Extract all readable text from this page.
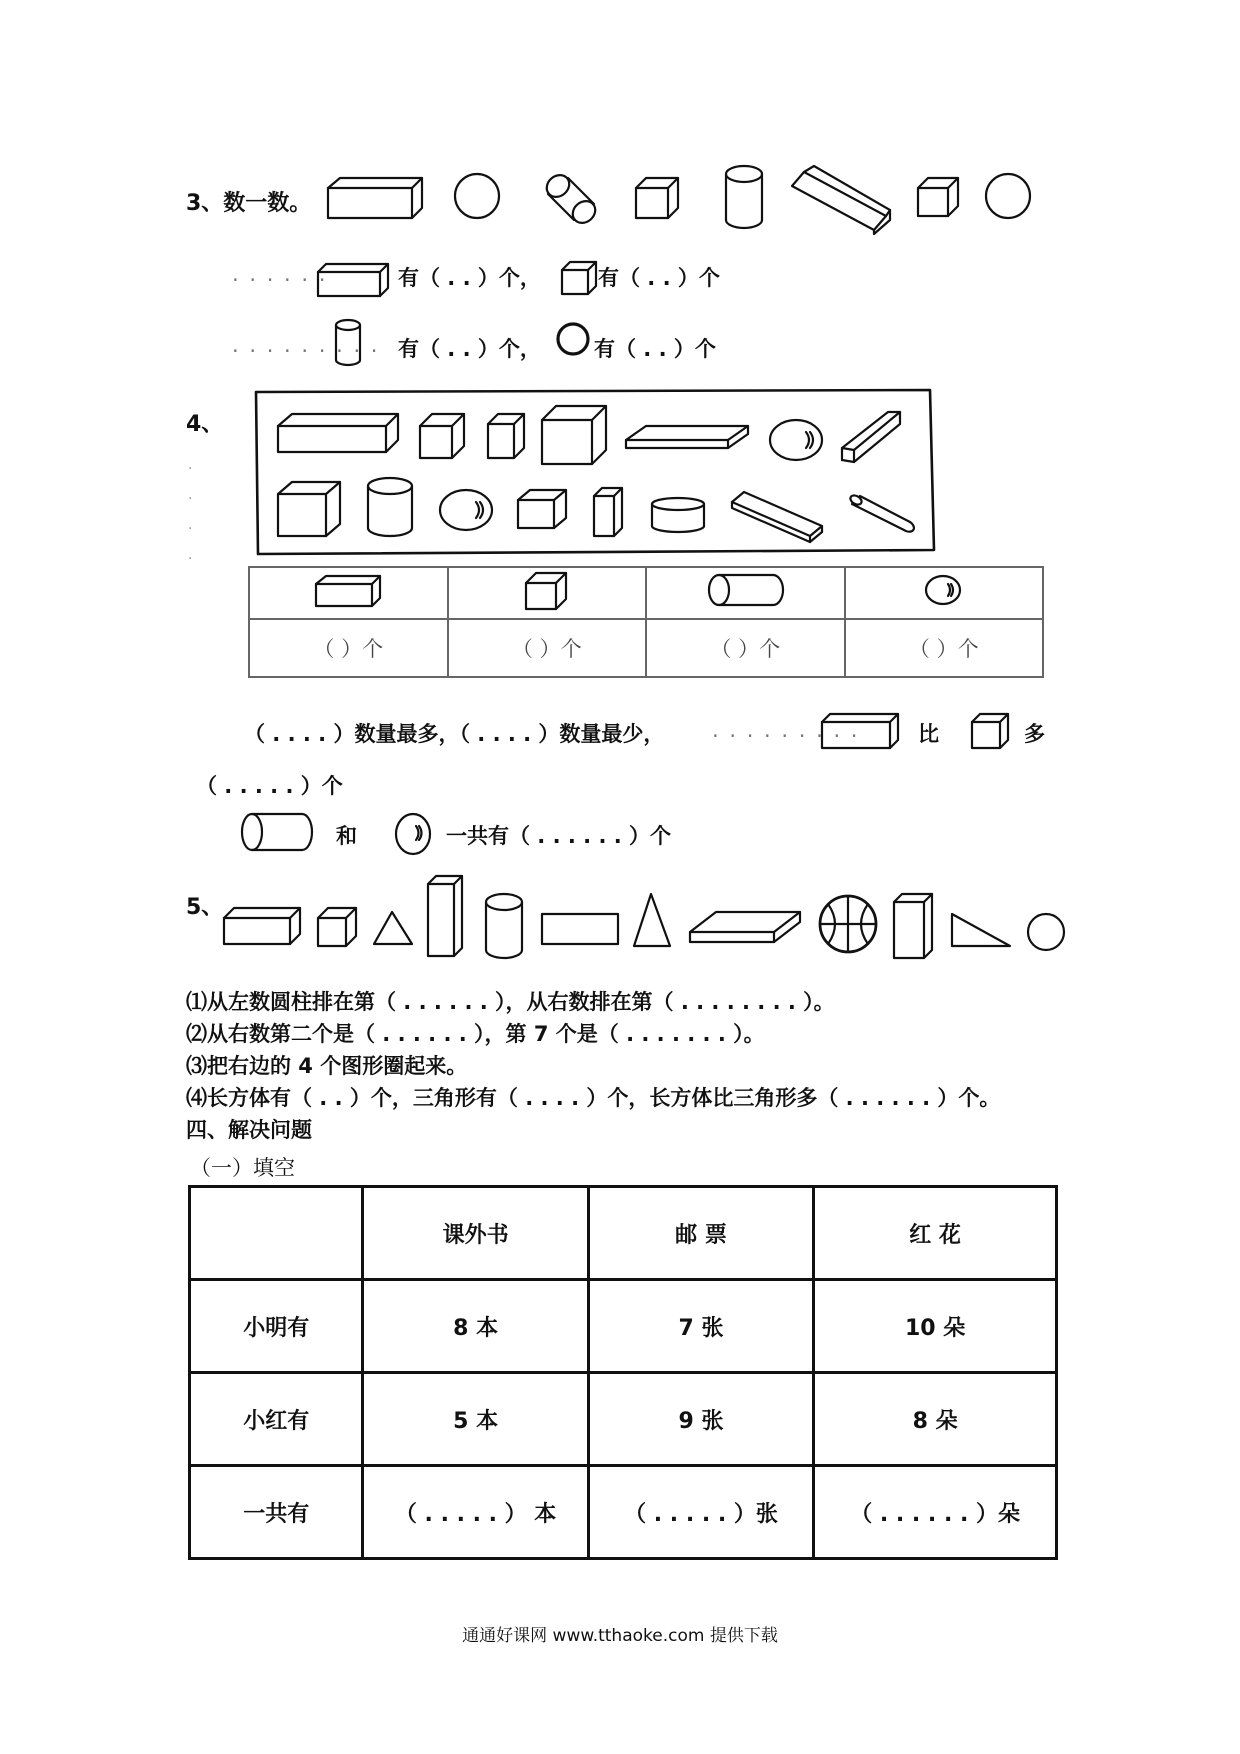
3、数一数。
. . . . . .	有（ . . ）个，	有（ . . ）个
. . . . . . . . . 有（ . . ）个，	有（ . . ）个
4、
.
.
.
.

（ ）个	（ ）个	（ ）个	（ ）个
（ . . . . ）数量最多，（ . . . . ）数量最少， . . . . . . . . .	比	多
（ . . . . . ）个
和	一共有（ . . . . . . ）个
5、
⑴从左数圆柱排在第（ . . . . . . ），从右数排在第（ . . . . . . . . ）。
⑵从右数第二个是（ . . . . . . ），第 7 个是（ . . . . . . . ）。
⑶把右边的 4 个图形圈起来。
⑷长方体有（ . . ）个，三角形有（ . . . . ）个，长方体比三角形多（ . . . . . . ）个。
四、解决问题
（一）填空
	课外书	邮 票	红 花
小明有	8 本	7 张	10 朵
小红有	5 本	9 张	8 朵
一共有	（ . . . . . ） 本	（ . . . . . ）张	（ . . . . . . ）朵
通通好课网 www.tthaoke.com 提供下载
